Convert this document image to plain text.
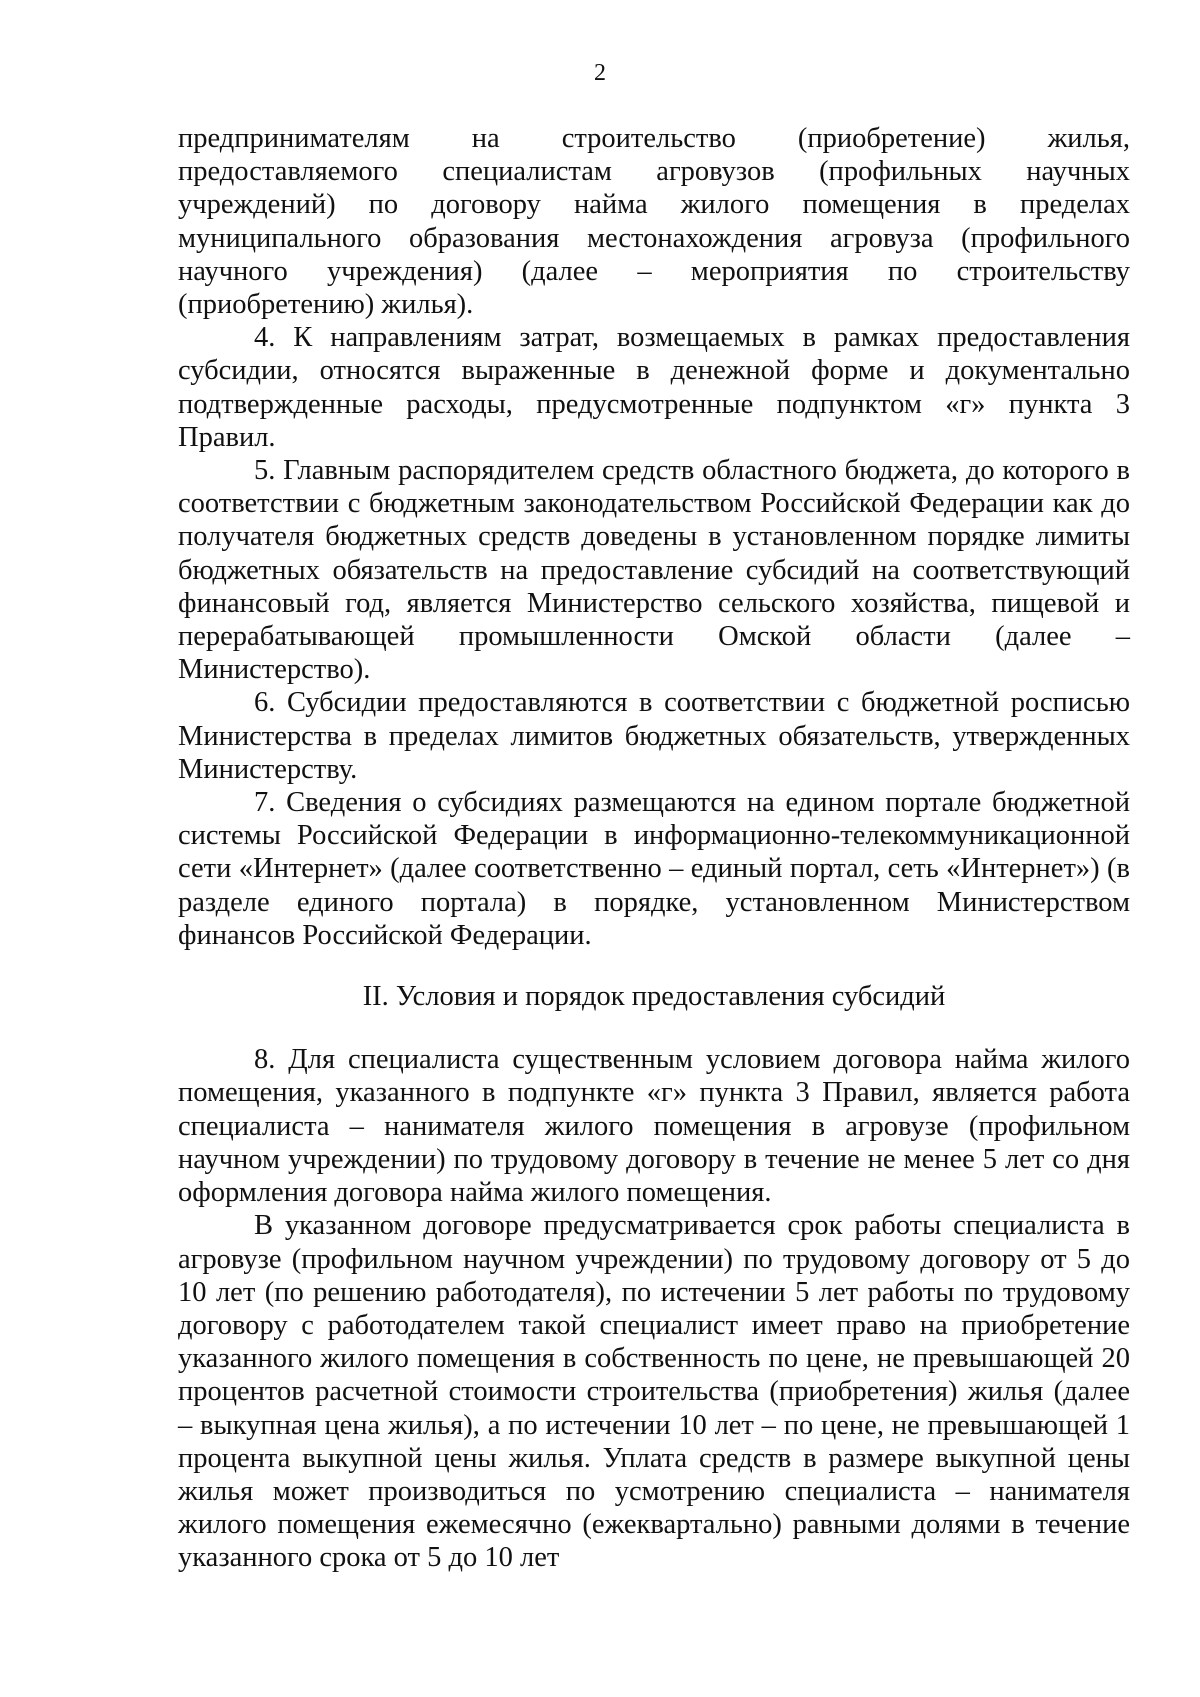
2

предпринимателям на строительство (приобретение) жилья, предоставляемого специалистам агровузов (профильных научных учреждений) по договору найма жилого помещения в пределах муниципального образования местонахождения агровуза (профильного научного учреждения) (далее – мероприятия по строительству (приобретению) жилья).

4. К направлениям затрат, возмещаемых в рамках предоставления субсидии, относятся выраженные в денежной форме и документально подтвержденные расходы, предусмотренные подпунктом «г» пункта 3 Правил.

5. Главным распорядителем средств областного бюджета, до которого в соответствии с бюджетным законодательством Российской Федерации как до получателя бюджетных средств доведены в установленном порядке лимиты бюджетных обязательств на предоставление субсидий на соответствующий финансовый год, является Министерство сельского хозяйства, пищевой и перерабатывающей промышленности Омской области (далее – Министерство).

6. Субсидии предоставляются в соответствии с бюджетной росписью Министерства в пределах лимитов бюджетных обязательств, утвержденных Министерству.

7. Сведения о субсидиях размещаются на едином портале бюджетной системы Российской Федерации в информационно-телекоммуникационной сети «Интернет» (далее соответственно – единый портал, сеть «Интернет») (в разделе единого портала) в порядке, установленном Министерством финансов Российской Федерации.

II. Условия и порядок предоставления субсидий

8. Для специалиста существенным условием договора найма жилого помещения, указанного в подпункте «г» пункта 3 Правил, является работа специалиста – нанимателя жилого помещения в агровузе (профильном научном учреждении) по трудовому договору в течение не менее 5 лет со дня оформления договора найма жилого помещения.

В указанном договоре предусматривается срок работы специалиста в агровузе (профильном научном учреждении) по трудовому договору от 5 до 10 лет (по решению работодателя), по истечении 5 лет работы по трудовому договору с работодателем такой специалист имеет право на приобретение указанного жилого помещения в собственность по цене, не превышающей 20 процентов расчетной стоимости строительства (приобретения) жилья (далее – выкупная цена жилья), а по истечении 10 лет – по цене, не превышающей 1 процента выкупной цены жилья. Уплата средств в размере выкупной цены жилья может производиться по усмотрению специалиста – нанимателя жилого помещения ежемесячно (ежеквартально) равными долями в течение указанного срока от 5 до 10 лет
